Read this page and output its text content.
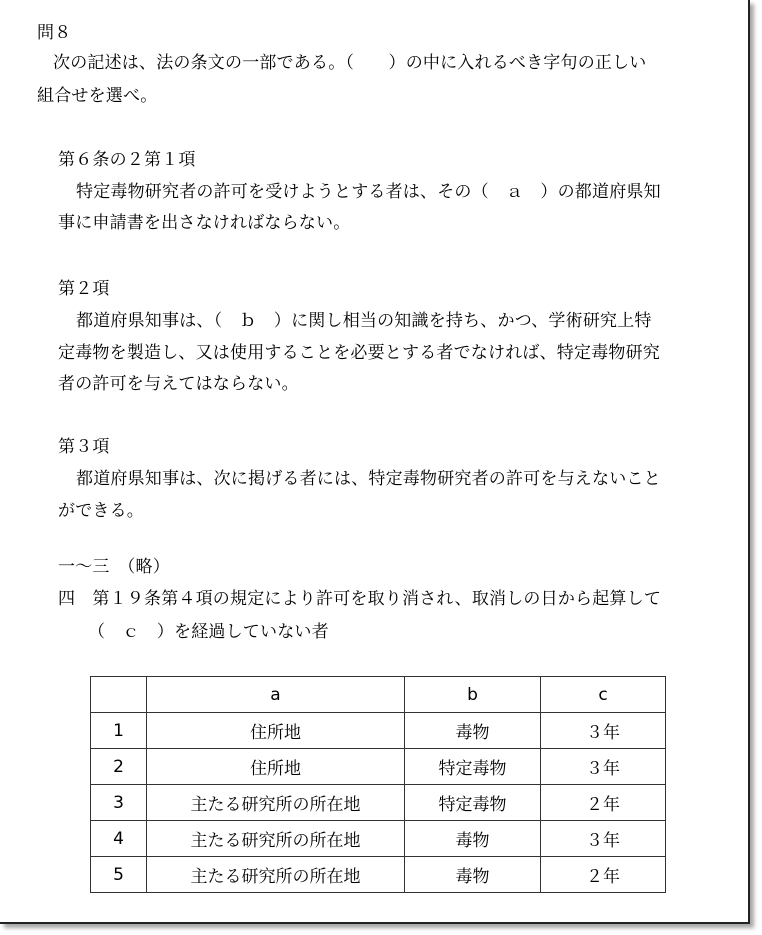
問８
次の記述は、法の条文の一部である。（　　）の中に入れるべき字句の正しい
組合せを選べ。
第６条の２第１項
特定毒物研究者の許可を受けようとする者は、その（　ａ　）の都道府県知
事に申請書を出さなければならない。
第２項
都道府県知事は、（　ｂ　）に関し相当の知識を持ち、かつ、学術研究上特
定毒物を製造し、又は使用することを必要とする者でなければ、特定毒物研究
者の許可を与えてはならない。
第３項
都道府県知事は、次に掲げる者には、特定毒物研究者の許可を与えないこと
ができる。
一～三　（略）
四　第１９条第４項の規定により許可を取り消され、取消しの日から起算して
（　ｃ　）を経過していない者
	a	b	c
1	住所地	毒物	３年
2	住所地	特定毒物	３年
3	主たる研究所の所在地	特定毒物	２年
4	主たる研究所の所在地	毒物	３年
5	主たる研究所の所在地	毒物	２年
